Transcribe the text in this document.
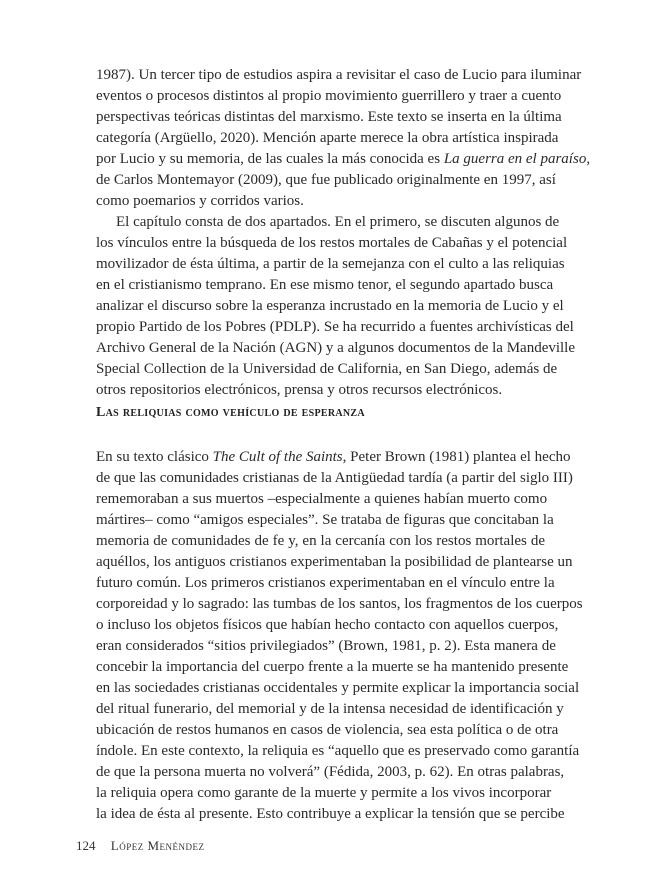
1987). Un tercer tipo de estudios aspira a revisitar el caso de Lucio para iluminar
eventos o procesos distintos al propio movimiento guerrillero y traer a cuento
perspectivas teóricas distintas del marxismo. Este texto se inserta en la última
categoría (Argüello, 2020). Mención aparte merece la obra artística inspirada
por Lucio y su memoria, de las cuales la más conocida es La guerra en el paraíso,
de Carlos Montemayor (2009), que fue publicado originalmente en 1997, así
como poemarios y corridos varios.
El capítulo consta de dos apartados. En el primero, se discuten algunos de
los vínculos entre la búsqueda de los restos mortales de Cabañas y el potencial
movilizador de ésta última, a partir de la semejanza con el culto a las reliquias
en el cristianismo temprano. En ese mismo tenor, el segundo apartado busca
analizar el discurso sobre la esperanza incrustado en la memoria de Lucio y el
propio Partido de los Pobres (PDLP). Se ha recurrido a fuentes archivísticas del
Archivo General de la Nación (AGN) y a algunos documentos de la Mandeville
Special Collection de la Universidad de California, en San Diego, además de
otros repositorios electrónicos, prensa y otros recursos electrónicos.
Las reliquias como vehículo de esperanza
En su texto clásico The Cult of the Saints, Peter Brown (1981) plantea el hecho
de que las comunidades cristianas de la Antigüedad tardía (a partir del siglo III)
rememoraban a sus muertos –especialmente a quienes habían muerto como
mártires– como “amigos especiales”. Se trataba de figuras que concitaban la
memoria de comunidades de fe y, en la cercanía con los restos mortales de
aquéllos, los antiguos cristianos experimentaban la posibilidad de plantearse un
futuro común. Los primeros cristianos experimentaban en el vínculo entre la
corporeidad y lo sagrado: las tumbas de los santos, los fragmentos de los cuerpos
o incluso los objetos físicos que habían hecho contacto con aquellos cuerpos,
eran considerados “sitios privilegiados” (Brown, 1981, p. 2). Esta manera de
concebir la importancia del cuerpo frente a la muerte se ha mantenido presente
en las sociedades cristianas occidentales y permite explicar la importancia social
del ritual funerario, del memorial y de la intensa necesidad de identificación y
ubicación de restos humanos en casos de violencia, sea esta política o de otra
índole. En este contexto, la reliquia es “aquello que es preservado como garantía
de que la persona muerta no volverá” (Fédida, 2003, p. 62). En otras palabras,
la reliquia opera como garante de la muerte y permite a los vivos incorporar
la idea de ésta al presente. Esto contribuye a explicar la tensión que se percibe
124 López Menéndez
